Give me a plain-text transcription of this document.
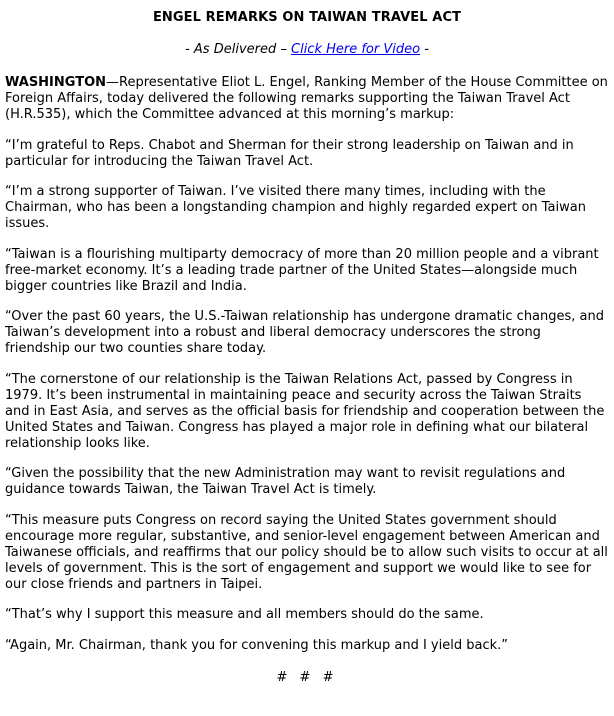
ENGEL REMARKS ON TAIWAN TRAVEL ACT
- As Delivered – Click Here for Video -

WASHINGTON—Representative Eliot L. Engel, Ranking Member of the House Committee on Foreign Affairs, today delivered the following remarks supporting the Taiwan Travel Act (H.R.535), which the Committee advanced at this morning’s markup:

“I’m grateful to Reps. Chabot and Sherman for their strong leadership on Taiwan and in particular for introducing the Taiwan Travel Act.

“I’m a strong supporter of Taiwan. I’ve visited there many times, including with the Chairman, who has been a longstanding champion and highly regarded expert on Taiwan issues.

“Taiwan is a flourishing multiparty democracy of more than 20 million people and a vibrant free-market economy. It’s a leading trade partner of the United States—alongside much bigger countries like Brazil and India.

“Over the past 60 years, the U.S.-Taiwan relationship has undergone dramatic changes, and Taiwan’s development into a robust and liberal democracy underscores the strong friendship our two counties share today.

“The cornerstone of our relationship is the Taiwan Relations Act, passed by Congress in 1979. It’s been instrumental in maintaining peace and security across the Taiwan Straits and in East Asia, and serves as the official basis for friendship and cooperation between the United States and Taiwan. Congress has played a major role in defining what our bilateral relationship looks like.

“Given the possibility that the new Administration may want to revisit regulations and guidance towards Taiwan, the Taiwan Travel Act is timely.

“This measure puts Congress on record saying the United States government should encourage more regular, substantive, and senior-level engagement between American and Taiwanese officials, and reaffirms that our policy should be to allow such visits to occur at all levels of government. This is the sort of engagement and support we would like to see for our close friends and partners in Taipei.

“That’s why I support this measure and all members should do the same.

“Again, Mr. Chairman, thank you for convening this markup and I yield back.”

# # #
